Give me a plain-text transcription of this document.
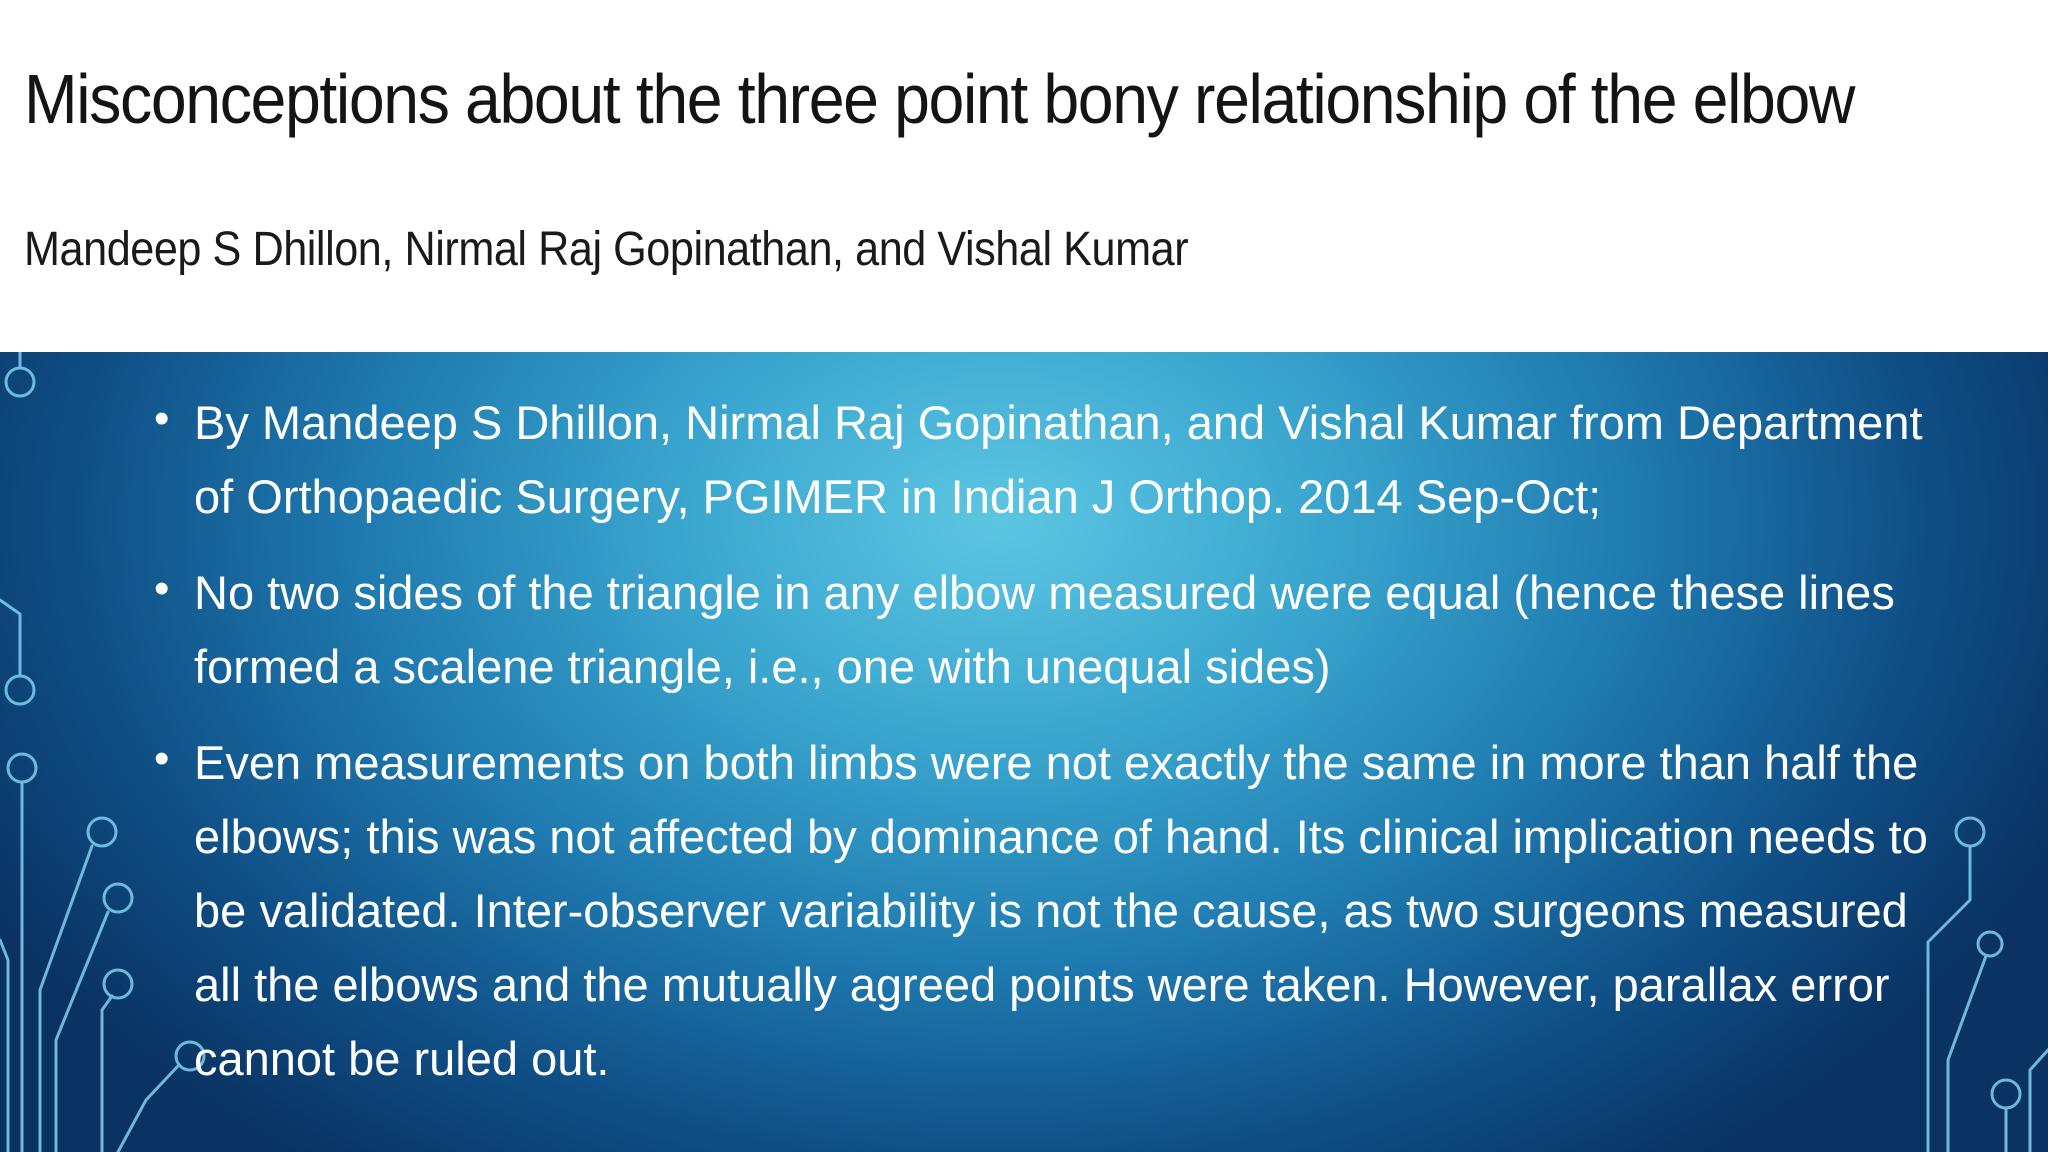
Misconceptions about the three point bony relationship of the elbow

Mandeep S Dhillon, Nirmal Raj Gopinathan, and Vishal Kumar

• By Mandeep S Dhillon, Nirmal Raj Gopinathan, and Vishal Kumar from Department of Orthopaedic Surgery, PGIMER in Indian J Orthop. 2014 Sep-Oct;
• No two sides of the triangle in any elbow measured were equal (hence these lines formed a scalene triangle, i.e., one with unequal sides)
• Even measurements on both limbs were not exactly the same in more than half the elbows; this was not affected by dominance of hand. Its clinical implication needs to be validated. Inter-observer variability is not the cause, as two surgeons measured all the elbows and the mutually agreed points were taken. However, parallax error cannot be ruled out.
